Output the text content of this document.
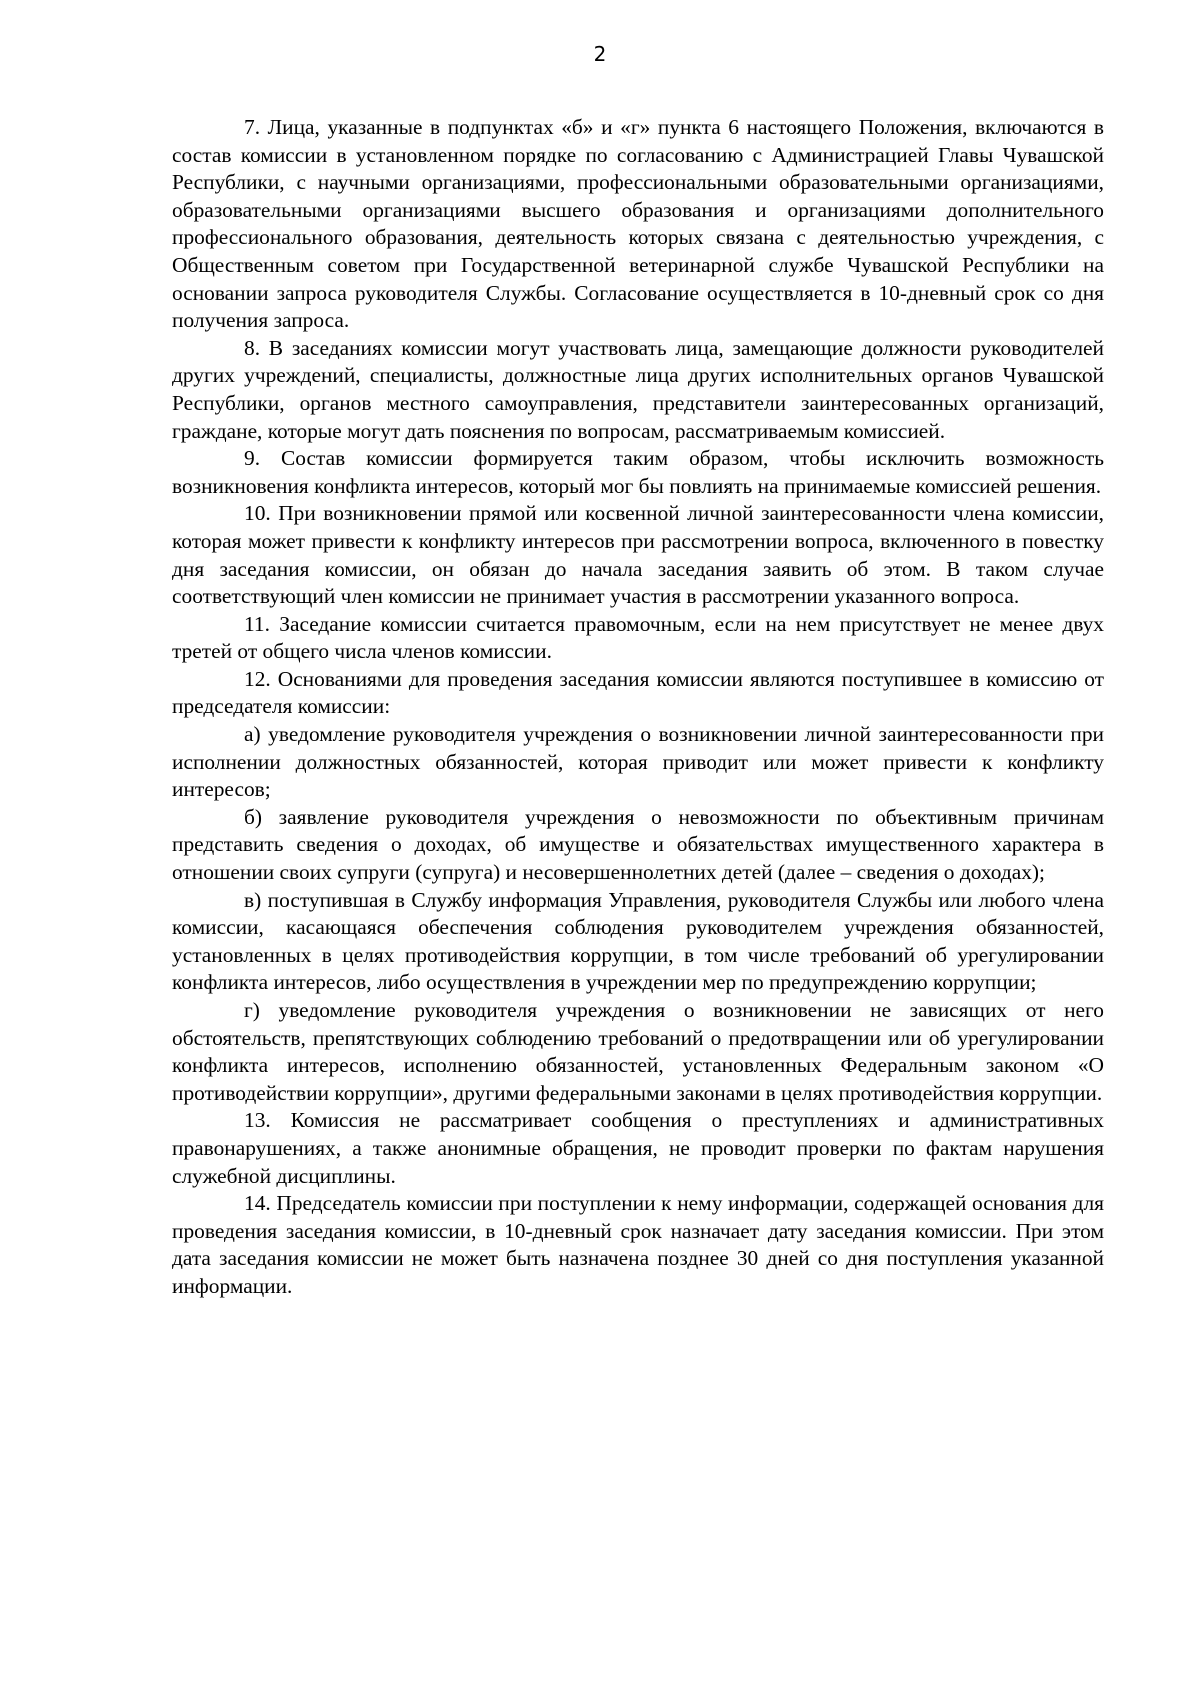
2

7. Лица, указанные в подпунктах «б» и «г» пункта 6 настоящего Положения, включаются в состав комиссии в установленном порядке по согласованию с Администрацией Главы Чувашской Республики, с научными организациями, профессиональными образовательными организациями, образовательными организациями высшего образования и организациями дополнительного профессионального образования, деятельность которых связана с деятельностью учреждения, с Общественным советом при Государственной ветеринарной службе Чувашской Республики на основании запроса руководителя Службы. Согласование осуществляется в 10-дневный срок со дня получения запроса.

8. В заседаниях комиссии могут участвовать лица, замещающие должности руководителей других учреждений, специалисты, должностные лица других исполнительных органов Чувашской Республики, органов местного самоуправления, представители заинтересованных организаций, граждане, которые могут дать пояснения по вопросам, рассматриваемым комиссией.

9. Состав комиссии формируется таким образом, чтобы исключить возможность возникновения конфликта интересов, который мог бы повлиять на принимаемые комиссией решения.

10. При возникновении прямой или косвенной личной заинтересованности члена комиссии, которая может привести к конфликту интересов при рассмотрении вопроса, включенного в повестку дня заседания комиссии, он обязан до начала заседания заявить об этом. В таком случае соответствующий член комиссии не принимает участия в рассмотрении указанного вопроса.

11. Заседание комиссии считается правомочным, если на нем присутствует не менее двух третей от общего числа членов комиссии.

12. Основаниями для проведения заседания комиссии являются поступившее в комиссию от председателя комиссии:

а) уведомление руководителя учреждения о возникновении личной заинтересованности при исполнении должностных обязанностей, которая приводит или может привести к конфликту интересов;

б) заявление руководителя учреждения о невозможности по объективным причинам представить сведения о доходах, об имуществе и обязательствах имущественного характера в отношении своих супруги (супруга) и несовершеннолетних детей (далее – сведения о доходах);

в) поступившая в Службу информация Управления, руководителя Службы или любого члена комиссии, касающаяся обеспечения соблюдения руководителем учреждения обязанностей, установленных в целях противодействия коррупции, в том числе требований об урегулировании конфликта интересов, либо осуществления в учреждении мер по предупреждению коррупции;

г) уведомление руководителя учреждения о возникновении не зависящих от него обстоятельств, препятствующих соблюдению требований о предотвращении или об урегулировании конфликта интересов, исполнению обязанностей, установленных Федеральным законом «О противодействии коррупции», другими федеральными законами в целях противодействия коррупции.

13. Комиссия не рассматривает сообщения о преступлениях и административных правонарушениях, а также анонимные обращения, не проводит проверки по фактам нарушения служебной дисциплины.

14. Председатель комиссии при поступлении к нему информации, содержащей основания для проведения заседания комиссии, в 10-дневный срок назначает дату заседания комиссии. При этом дата заседания комиссии не может быть назначена позднее 30 дней со дня поступления указанной информации.
